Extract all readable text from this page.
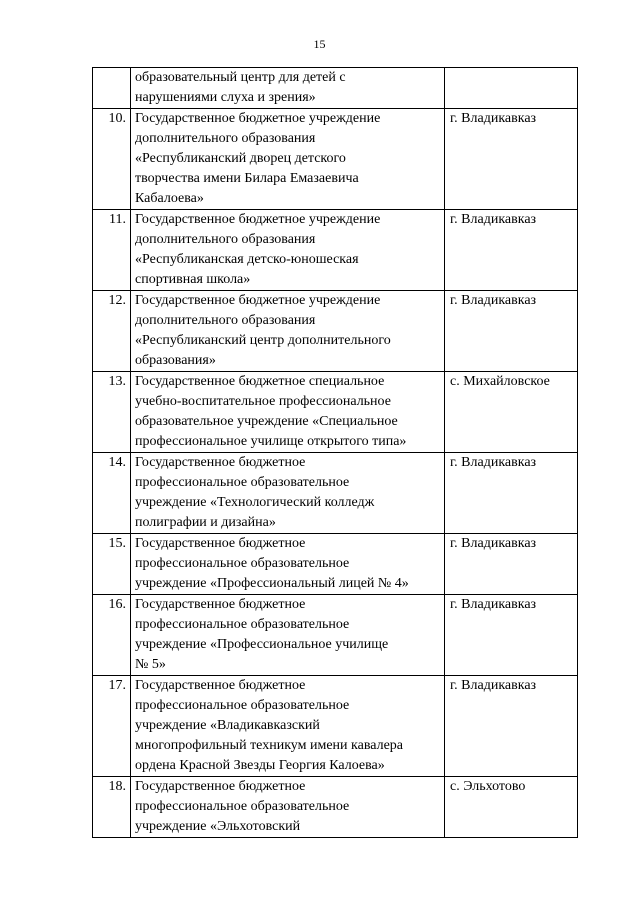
15

	образовательный центр для детей с
нарушениями слуха и зрения»	

10.	Государственное бюджетное учреждение
дополнительного образования
«Республиканский дворец детского
творчества имени Билара Емазаевича
Кабалоева»	г. Владикавказ
11.	Государственное бюджетное учреждение
дополнительного образования
«Республиканская детско-юношеская
спортивная школа»	г. Владикавказ
12.	Государственное бюджетное учреждение
дополнительного образования
«Республиканский центр дополнительного
образования»	г. Владикавказ
13.	Государственное бюджетное специальное
учебно-воспитательное профессиональное
образовательное учреждение «Специальное
профессиональное училище открытого типа»	с. Михайловское
14.	Государственное бюджетное
профессиональное образовательное
учреждение «Технологический колледж
полиграфии и дизайна»	г. Владикавказ
15.	Государственное бюджетное
профессиональное образовательное
учреждение «Профессиональный лицей № 4»	г. Владикавказ
16.	Государственное бюджетное
профессиональное образовательное
учреждение «Профессиональное училище
№ 5»	г. Владикавказ
17.	Государственное бюджетное
профессиональное образовательное
учреждение «Владикавказский
многопрофильный техникум имени кавалера
ордена Красной Звезды Георгия Калоева»	г. Владикавказ
18.	Государственное бюджетное
профессиональное образовательное
учреждение «Эльхотовский	с. Эльхотово
